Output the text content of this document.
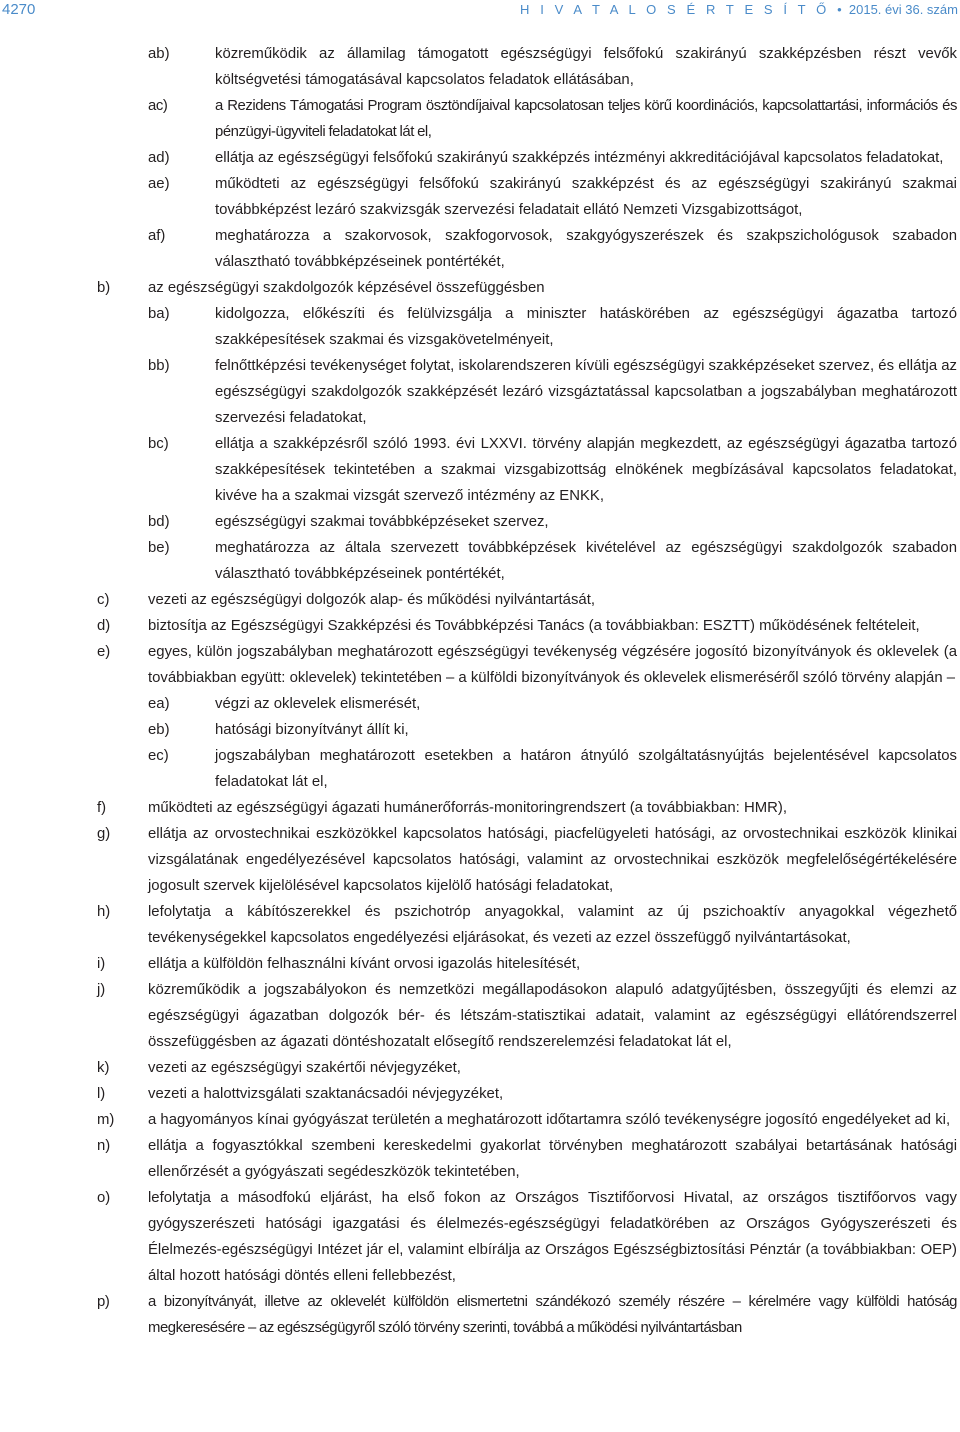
4270	H I V A T A L O S É R T E S Í T Ő • 2015. évi 36. szám
ab)	közreműködik az államilag támogatott egészségügyi felsőfokú szakirányú szakképzésben részt vevők költségvetési támogatásával kapcsolatos feladatok ellátásában,
ac)	a Rezidens Támogatási Program ösztöndíjaival kapcsolatosan teljes körű koordinációs, kapcsolattartási, információs és pénzügyi-ügyviteli feladatokat lát el,
ad)	ellátja az egészségügyi felsőfokú szakirányú szakképzés intézményi akkreditációjával kapcsolatos feladatokat,
ae)	működteti az egészségügyi felsőfokú szakirányú szakképzést és az egészségügyi szakirányú szakmai továbbképzést lezáró szakvizsgák szervezési feladatait ellátó Nemzeti Vizsgabizottságot,
af)	meghatározza a szakorvosok, szakfogorvosok, szakgyógyszerészek és szakpszichológusok szabadon választható továbbképzéseinek pontértékét,
b)	az egészségügyi szakdolgozók képzésével összefüggésben
ba)	kidolgozza, előkészíti és felülvizsgálja a miniszter hatáskörében az egészségügyi ágazatba tartozó szakképesítések szakmai és vizsgakövetelményeit,
bb)	felnőttképzési tevékenységet folytat, iskolarendszeren kívüli egészségügyi szakképzéseket szervez, és ellátja az egészségügyi szakdolgozók szakképzését lezáró vizsgáztatással kapcsolatban a jogszabályban meghatározott szervezési feladatokat,
bc)	ellátja a szakképzésről szóló 1993. évi LXXVI. törvény alapján megkezdett, az egészségügyi ágazatba tartozó szakképesítések tekintetében a szakmai vizsgabizottság elnökének megbízásával kapcsolatos feladatokat, kivéve ha a szakmai vizsgát szervező intézmény az ENKK,
bd)	egészségügyi szakmai továbbképzéseket szervez,
be)	meghatározza az általa szervezett továbbképzések kivételével az egészségügyi szakdolgozók szabadon választható továbbképzéseinek pontértékét,
c)	vezeti az egészségügyi dolgozók alap- és működési nyilvántartását,
d)	biztosítja az Egészségügyi Szakképzési és Továbbképzési Tanács (a továbbiakban: ESZTT) működésének feltételeit,
e)	egyes, külön jogszabályban meghatározott egészségügyi tevékenység végzésére jogosító bizonyítványok és oklevelek (a továbbiakban együtt: oklevelek) tekintetében – a külföldi bizonyítványok és oklevelek elismeréséről szóló törvény alapján –
ea)	végzi az oklevelek elismerését,
eb)	hatósági bizonyítványt állít ki,
ec)	jogszabályban meghatározott esetekben a határon átnyúló szolgáltatásnyújtás bejelentésével kapcsolatos feladatokat lát el,
f)	működteti az egészségügyi ágazati humánerőforrás-monitoringrendszert (a továbbiakban: HMR),
g)	ellátja az orvostechnikai eszközökkel kapcsolatos hatósági, piacfelügyeleti hatósági, az orvostechnikai eszközök klinikai vizsgálatának engedélyezésével kapcsolatos hatósági, valamint az orvostechnikai eszközök megfelelőségértékelésére jogosult szervek kijelölésével kapcsolatos kijelölő hatósági feladatokat,
h)	lefolytatja a kábítószerekkel és pszichotróp anyagokkal, valamint az új pszichoaktív anyagokkal végezhető tevékenységekkel kapcsolatos engedélyezési eljárásokat, és vezeti az ezzel összefüggő nyilvántartásokat,
i)	ellátja a külföldön felhasználni kívánt orvosi igazolás hitelesítését,
j)	közreműködik a jogszabályokon és nemzetközi megállapodásokon alapuló adatgyűjtésben, összegyűjti és elemzi az egészségügyi ágazatban dolgozók bér- és létszám-statisztikai adatait, valamint az egészségügyi ellátórendszerrel összefüggésben az ágazati döntéshozatalt elősegítő rendszerelemzési feladatokat lát el,
k)	vezeti az egészségügyi szakértői névjegyzéket,
l)	vezeti a halottvizsgálati szaktanácsadói névjegyzéket,
m) a hagyományos kínai gyógyászat területén a meghatározott időtartamra szóló tevékenységre jogosító engedélyeket ad ki,
n)	ellátja a fogyasztókkal szembeni kereskedelmi gyakorlat törvényben meghatározott szabályai betartásának hatósági ellenőrzését a gyógyászati segédeszközök tekintetében,
o)	lefolytatja a másodfokú eljárást, ha első fokon az Országos Tisztifőorvosi Hivatal, az országos tisztifőorvos vagy gyógyszerészeti hatósági igazgatási és élelmezés-egészségügyi feladatkörében az Országos Gyógyszerészeti és Élelmezés-egészségügyi Intézet jár el, valamint elbírálja az Országos Egészségbiztosítási Pénztár (a továbbiakban: OEP) által hozott hatósági döntés elleni fellebbezést,
p)	a bizonyítványát, illetve az oklevelét külföldön elismertetni szándékozó személy részére – kérelmére vagy külföldi hatóság megkeresésére – az egészségügyről szóló törvény szerinti, továbbá a működési nyilvántartásban
